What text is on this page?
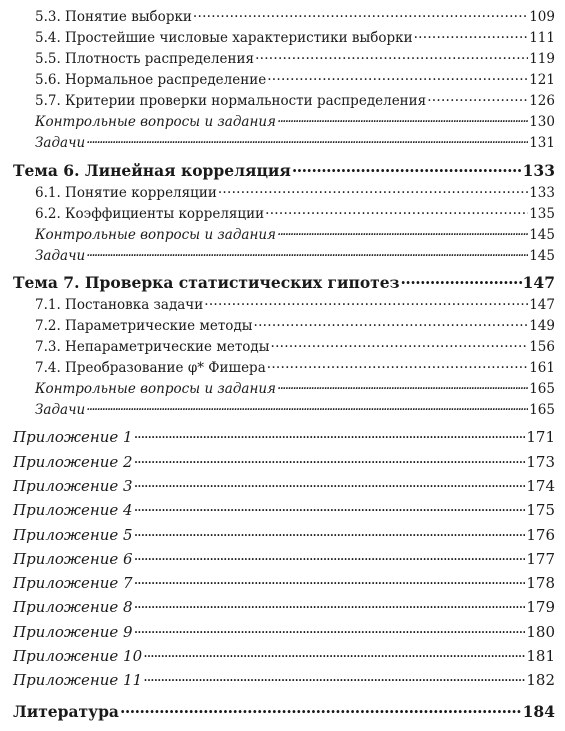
5.3. Понятие выборки . . .	109
5.4. Простейшие числовые характеристики выборки . . .	111
5.5. Плотность распределения . . .	119
5.6. Нормальное распределение . . .	121
5.7. Критерии проверки нормальности распределения . . .	126
Контрольные вопросы и задания . . .	130
Задачи . . .	131
Тема 6. Линейная корреляция . . .	133
6.1. Понятие корреляции . . .	133
6.2. Коэффициенты корреляции . . .	135
Контрольные вопросы и задания . . .	145
Задачи . . .	145
Тема 7. Проверка статистических гипотез . . .	147
7.1. Постановка задачи . . .	147
7.2. Параметрические методы . . .	149
7.3. Непараметрические методы . . .	156
7.4. Преобразование φ* Фишера . . .	161
Контрольные вопросы и задания . . .	165
Задачи . . .	165
Приложение 1 . . .	171
Приложение 2 . . .	173
Приложение 3 . . .	174
Приложение 4 . . .	175
Приложение 5 . . .	176
Приложение 6 . . .	177
Приложение 7 . . .	178
Приложение 8 . . .	179
Приложение 9 . . .	180
Приложение 10 . . .	181
Приложение 11 . . .	182
Литература . . .	184
